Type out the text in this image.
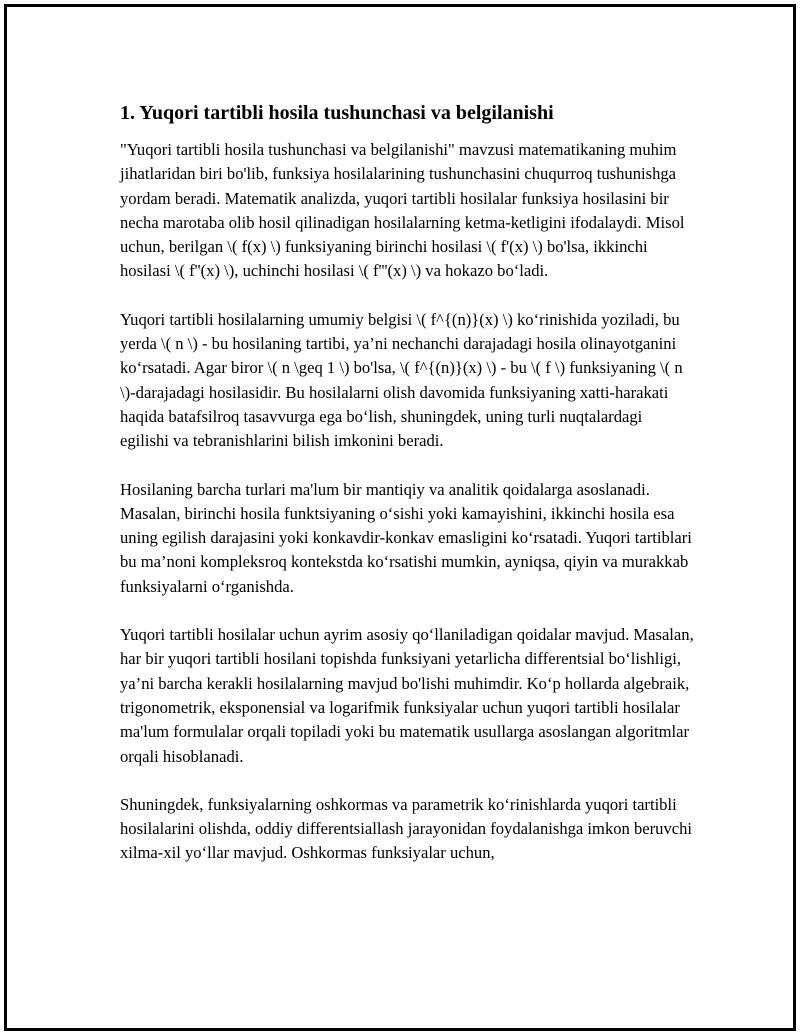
1. Yuqori tartibli hosila tushunchasi va belgilanishi

"Yuqori tartibli hosila tushunchasi va belgilanishi" mavzusi matematikaning muhim jihatlaridan biri bo'lib, funksiya hosilalarining tushunchasini chuqurroq tushunishga yordam beradi. Matematik analizda, yuqori tartibli hosilalar funksiya hosilasini bir necha marotaba olib hosil qilinadigan hosilalarning ketma-ketligini ifodalaydi. Misol uchun, berilgan \( f(x) \) funksiyaning birinchi hosilasi \( f'(x) \) bo'lsa, ikkinchi hosilasi \( f''(x) \), uchinchi hosilasi \( f'''(x) \) va hokazo bo‘ladi.

Yuqori tartibli hosilalarning umumiy belgisi \( f^{(n)}(x) \) ko‘rinishida yoziladi, bu yerda \( n \) - bu hosilaning tartibi, ya’ni nechanchi darajadagi hosila olinayotganini ko‘rsatadi. Agar biror \( n \geq 1 \) bo'lsa, \( f^{(n)}(x) \) - bu \( f \) funksiyaning \( n \)-darajadagi hosilasidir. Bu hosilalarni olish davomida funksiyaning xatti-harakati haqida batafsilroq tasavvurga ega bo‘lish, shuningdek, uning turli nuqtalardagi egilishi va tebranishlarini bilish imkonini beradi.

Hosilaning barcha turlari ma'lum bir mantiqiy va analitik qoidalarga asoslanadi. Masalan, birinchi hosila funktsiyaning o‘sishi yoki kamayishini, ikkinchi hosila esa uning egilish darajasini yoki konkavdir-konkav emasligini ko‘rsatadi. Yuqori tartiblari bu ma’noni kompleksroq kontekstda ko‘rsatishi mumkin, ayniqsa, qiyin va murakkab funksiyalarni o‘rganishda.

Yuqori tartibli hosilalar uchun ayrim asosiy qo‘llaniladigan qoidalar mavjud. Masalan, har bir yuqori tartibli hosilani topishda funksiyani yetarlicha differentsial bo‘lishligi, ya’ni barcha kerakli hosilalarning mavjud bo'lishi muhimdir. Ko‘p hollarda algebraik, trigonometrik, eksponensial va logarifmik funksiyalar uchun yuqori tartibli hosilalar ma'lum formulalar orqali topiladi yoki bu matematik usullarga asoslangan algoritmlar orqali hisoblanadi.

Shuningdek, funksiyalarning oshkormas va parametrik ko‘rinishlarda yuqori tartibli hosilalarini olishda, oddiy differentsiallash jarayonidan foydalanishga imkon beruvchi xilma-xil yo‘llar mavjud. Oshkormas funksiyalar uchun,
